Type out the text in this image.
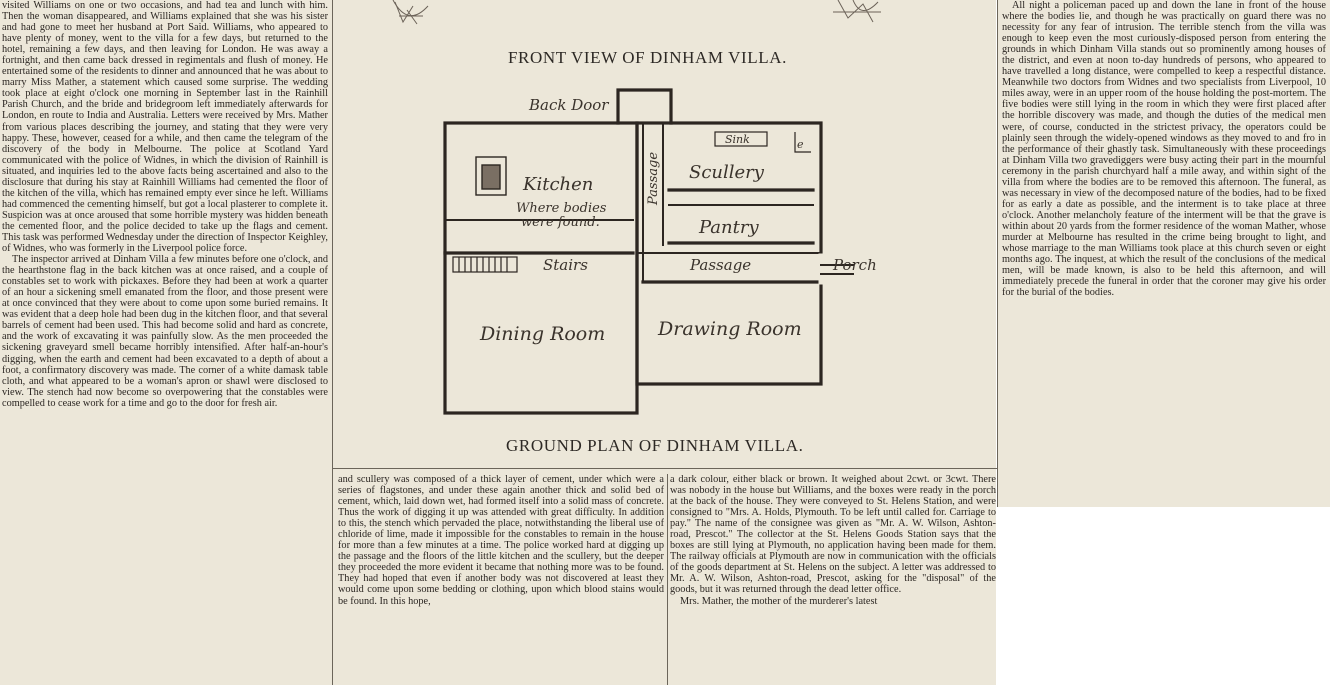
visited Williams on one or two occasions, and had tea and lunch with him. Then the woman disappeared, and Williams explained that she was his sister and had gone to meet her husband at Port Said. Williams, who appeared to have plenty of money, went to the villa for a few days, but returned to the hotel, remaining a few days, and then leaving for London. He was away a fortnight, and then came back dressed in regimentals and flush of money. He entertained some of the residents to dinner and announced that he was about to marry Miss Mather, a statement which caused some surprise. The wedding took place at eight o'clock one morning in September last in the Rainhill Parish Church, and the bride and bridegroom left immediately afterwards for London, en route to India and Australia. Letters were received by Mrs. Mather from various places describing the journey, and stating that they were very happy. These, however, ceased for a while, and then came the telegram of the discovery of the body in Melbourne. The police at Scotland Yard communicated with the police of Widnes, in which the division of Rainhill is situated, and inquiries led to the above facts being ascertained and also to the disclosure that during his stay at Rainhill Williams had cemented the floor of the kitchen of the villa, which has remained empty ever since he left. Williams had commenced the cementing himself, but got a local plasterer to complete it. Suspicion was at once aroused that some horrible mystery was hidden beneath the cemented floor, and the police decided to take up the flags and cement. This task was performed Wednesday under the direction of Inspector Keighley, of Widnes, who was formerly in the Liverpool police force.

The inspector arrived at Dinham Villa a few minutes before one o'clock, and the hearthstone flag in the back kitchen was at once raised, and a couple of constables set to work with pickaxes. Before they had been at work a quarter of an hour a sickening smell emanated from the floor, and those present were at once convinced that they were about to come upon some buried remains. It was evident that a deep hole had been dug in the kitchen floor, and that several barrels of cement had been used. This had become solid and hard as concrete, and the work of excavating it was painfully slow. As the men proceeded the sickening graveyard smell became horribly intensified. After half-an-hour's digging, when the earth and cement had been excavated to a depth of about a foot, a confirmatory discovery was made. The corner of a white damask table cloth, and what appeared to be a woman's apron or shawl were disclosed to view. The stench had now become so overpowering that the constables were compelled to cease work for a time and go to the door for fresh air.

Back Door
Sink	e
Kitchen
Where bodies
were found.
Passage Scullery
Pantry
Stairs	Passage	Porch
Dining Room	Drawing Room
FRONT VIEW OF DINHAM VILLA.
GROUND PLAN OF DINHAM VILLA.

and scullery was composed of a thick layer of cement, under which were a series of flagstones, and under these again another thick and solid bed of cement, which, laid down wet, had formed itself into a solid mass of concrete. Thus the work of digging it up was attended with great difficulty. In addition to this, the stench which pervaded the place, notwithstanding the liberal use of chloride of lime, made it impossible for the constables to remain in the house for more than a few minutes at a time. The police worked hard at digging up the passage and the floors of the little kitchen and the scullery, but the deeper they proceeded the more evident it became that nothing more was to be found. They had hoped that even if another body was not discovered at least they would come upon some bedding or clothing, upon which blood stains would be found. In this hope,

a dark colour, either black or brown. It weighed about 2cwt. or 3cwt. There was nobody in the house but Williams, and the boxes were ready in the porch at the back of the house. They were conveyed to St. Helens Station, and were consigned to "Mrs. A. Holds, Plymouth. To be left until called for. Carriage to pay." The name of the consignee was given as "Mr. A. W. Wilson, Ashton-road, Prescot." The collector at the St. Helens Goods Station says that the boxes are still lying at Plymouth, no application having been made for them. The railway officials at Plymouth are now in communication with the officials of the goods department at St. Helens on the subject. A letter was addressed to Mr. A. W. Wilson, Ashton-road, Prescot, asking for the "disposal" of the goods, but it was returned through the dead letter office.

Mrs. Mather, the mother of the murderer's latest

All night a policeman paced up and down the lane in front of the house where the bodies lie, and though he was practically on guard there was no necessity for any fear of intrusion. The terrible stench from the villa was enough to keep even the most curiously-disposed person from entering the grounds in which Dinham Villa stands out so prominently among houses of the district, and even at noon to-day hundreds of persons, who appeared to have travelled a long distance, were compelled to keep a respectful distance. Meanwhile two doctors from Widnes and two specialists from Liverpool, 10 miles away, were in an upper room of the house holding the post-mortem. The five bodies were still lying in the room in which they were first placed after the horrible discovery was made, and though the duties of the medical men were, of course, conducted in the strictest privacy, the operators could be plainly seen through the widely-opened windows as they moved to and fro in the performance of their ghastly task. Simultaneously with these proceedings at Dinham Villa two gravediggers were busy acting their part in the mournful ceremony in the parish churchyard half a mile away, and within sight of the villa from where the bodies are to be removed this afternoon. The funeral, as was necessary in view of the decomposed nature of the bodies, had to be fixed for as early a date as possible, and the interment is to take place at three o'clock. Another melancholy feature of the interment will be that the grave is within about 20 yards from the former residence of the woman Mather, whose murder at Melbourne has resulted in the crime being brought to light, and whose marriage to the man Williams took place at this church seven or eight months ago. The inquest, at which the result of the conclusions of the medical men, will be made known, is also to be held this afternoon, and will immediately precede the funeral in order that the coroner may give his order for the burial of the bodies.
